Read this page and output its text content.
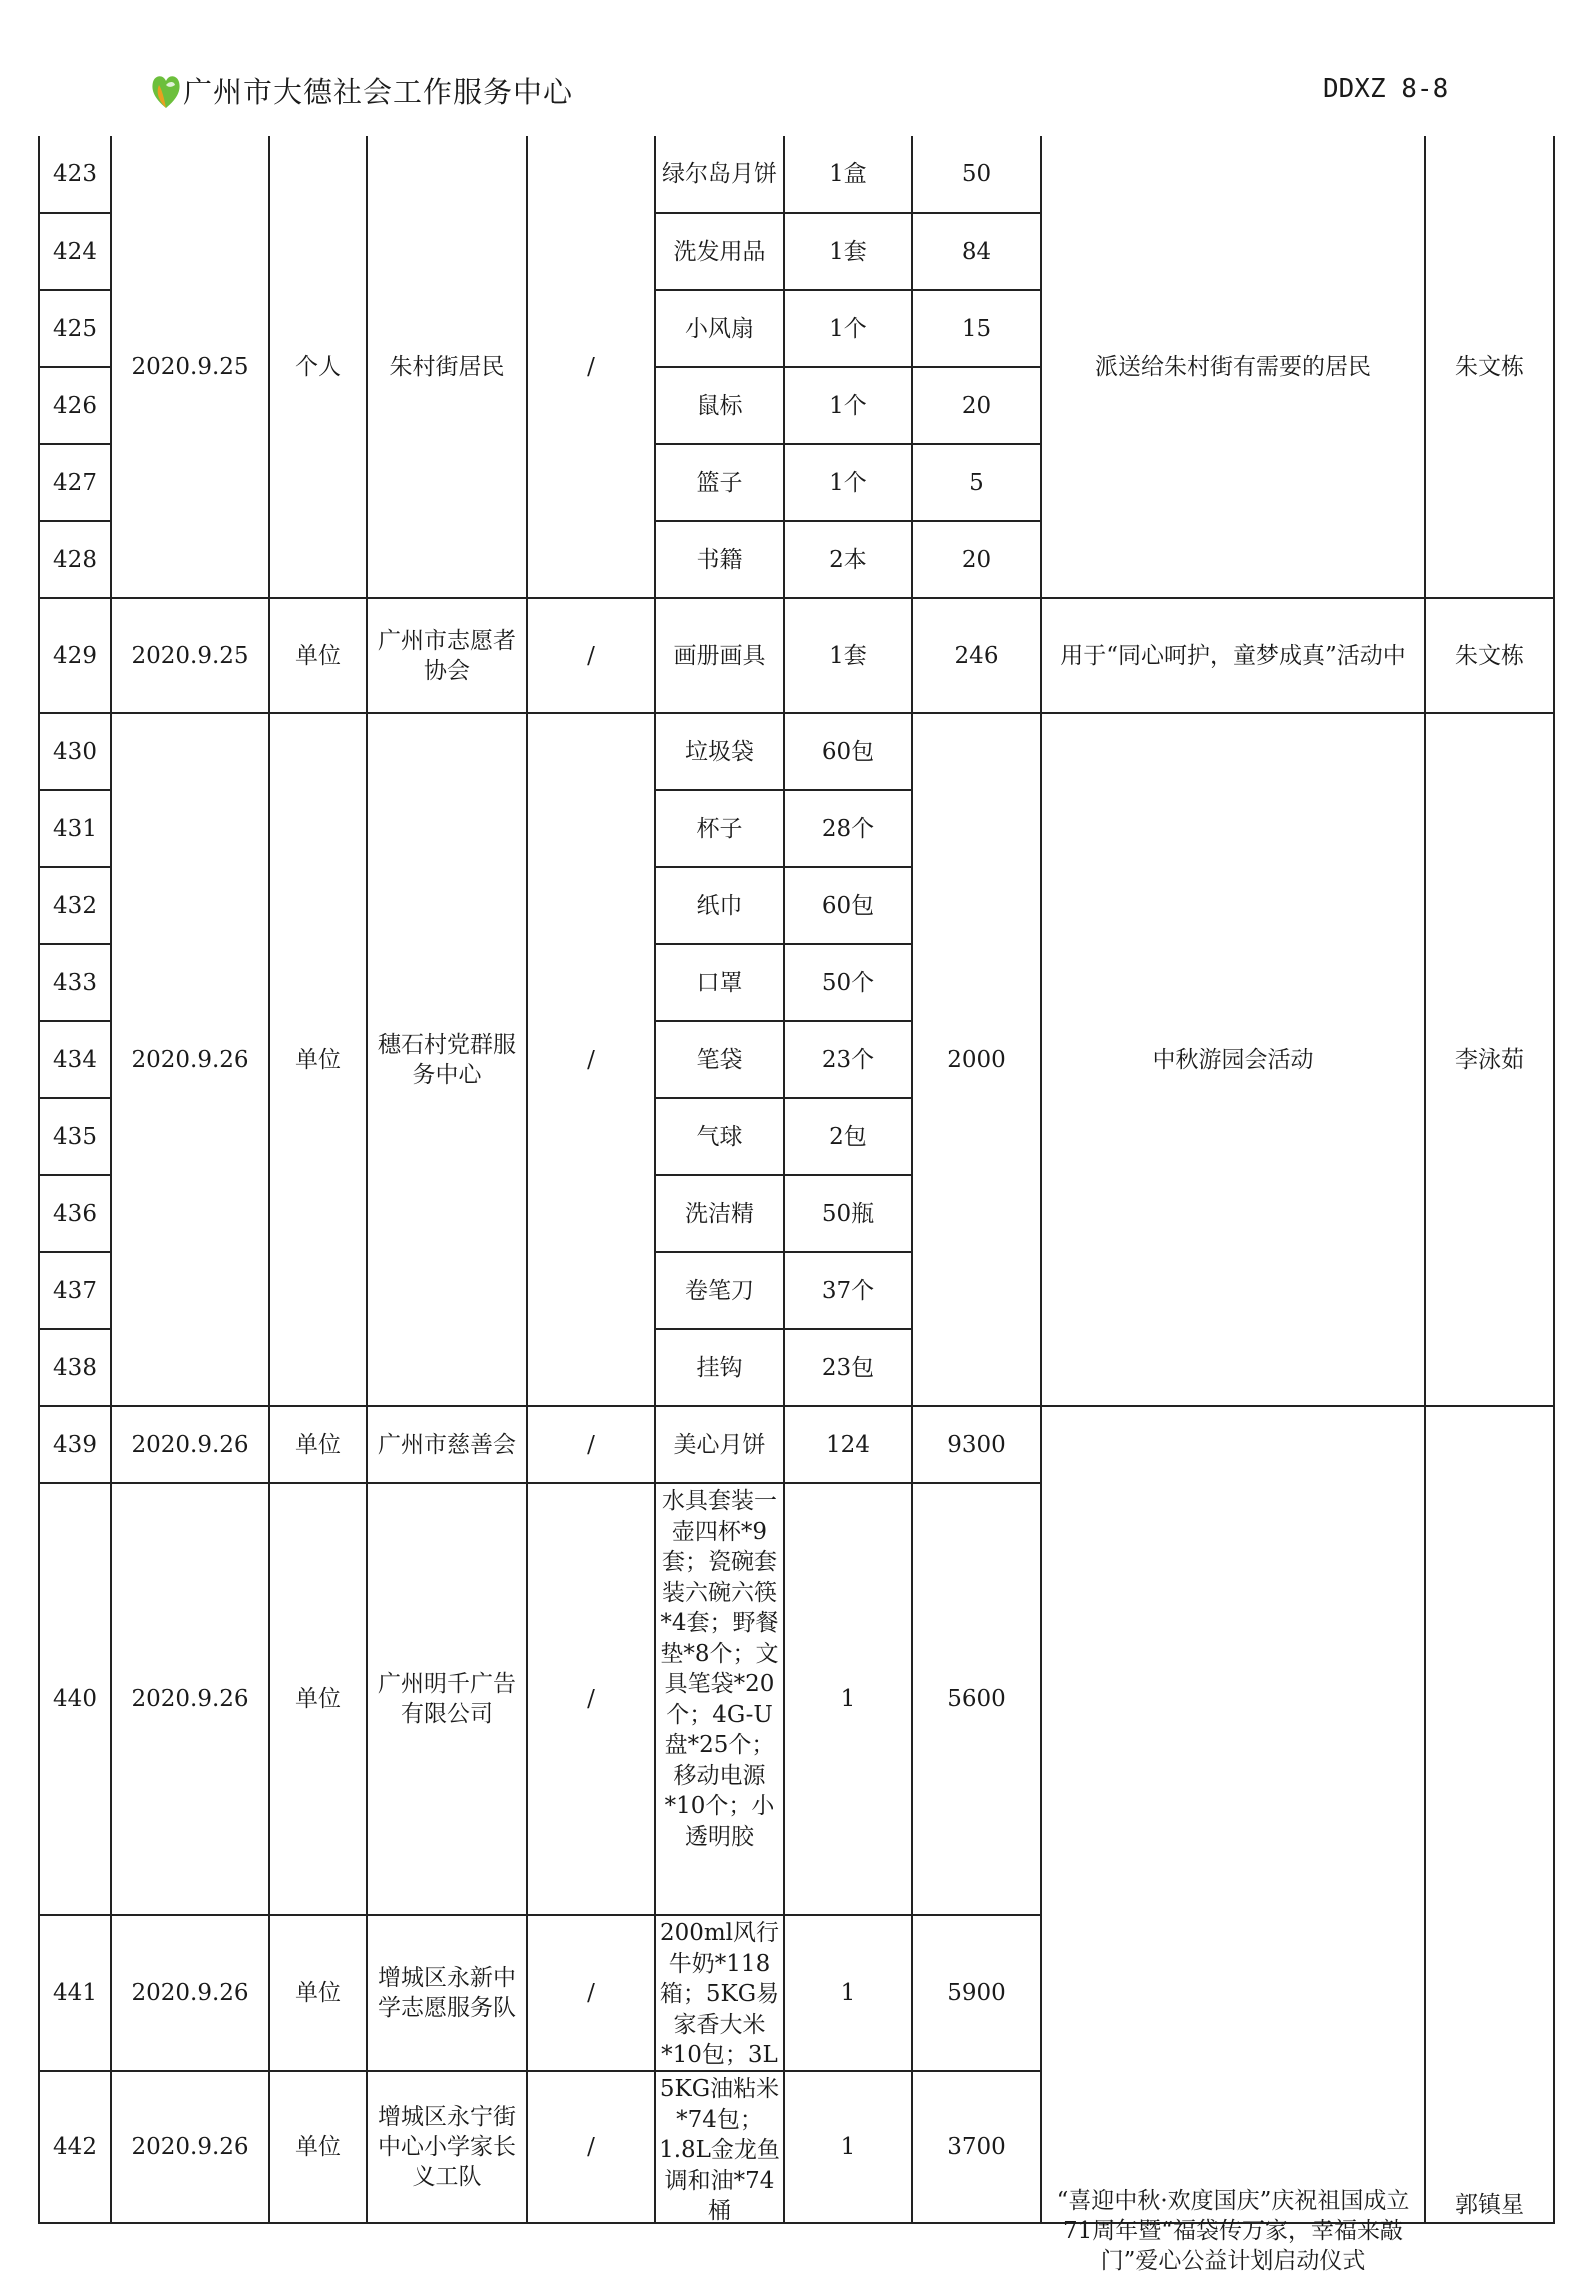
广州市大德社会工作服务中心	DDXZ 8-8
423	2020.9.25	个人	朱村街居民	/	绿尔岛月饼	1盒	50	派送给朱村街有需要的居民	朱文栋
424					洗发用品	1套	84		
425					小风扇	1个	15		
426					鼠标	1个	20		
427					篮子	1个	5		
428					书籍	2本	20		
429	2020.9.25	单位	广州市志愿者协会	/	画册画具	1套	246	用于“同心呵护，童梦成真”活动中	朱文栋
430	2020.9.26	单位	穗石村党群服务中心	/	垃圾袋	60包	2000	中秋游园会活动	李泳茹
431					杯子	28个			
432					纸巾	60包			
433					口罩	50个			
434					笔袋	23个			
435					气球	2包			
436					洗洁精	50瓶			
437					卷笔刀	37个			
438					挂钩	23包			
439	2020.9.26	单位	广州市慈善会	/	美心月饼	124	9300	“喜迎中秋·欢度国庆”庆祝祖国成立71周年暨“福袋传万家，幸福来敲门”爱心公益计划启动仪式	郭镇星

440	2020.9.26	单位	广州明千广告有限公司	/	水具套装一壶四杯*9套；瓷碗套装六碗六筷*4套；野餐垫*8个；文具笔袋*20个；4G-U盘*25个；移动电源*10个；小透明胶	1	5600		
441	2020.9.26	单位	增城区永新中学志愿服务队	/	200ml风行牛奶*118箱；5KG易家香大米*10包；3L	1	5900		
442	2020.9.26	单位	增城区永宁街中心小学家长义工队	/	5KG油粘米*74包；1.8L金龙鱼调和油*74桶	1	3700		
